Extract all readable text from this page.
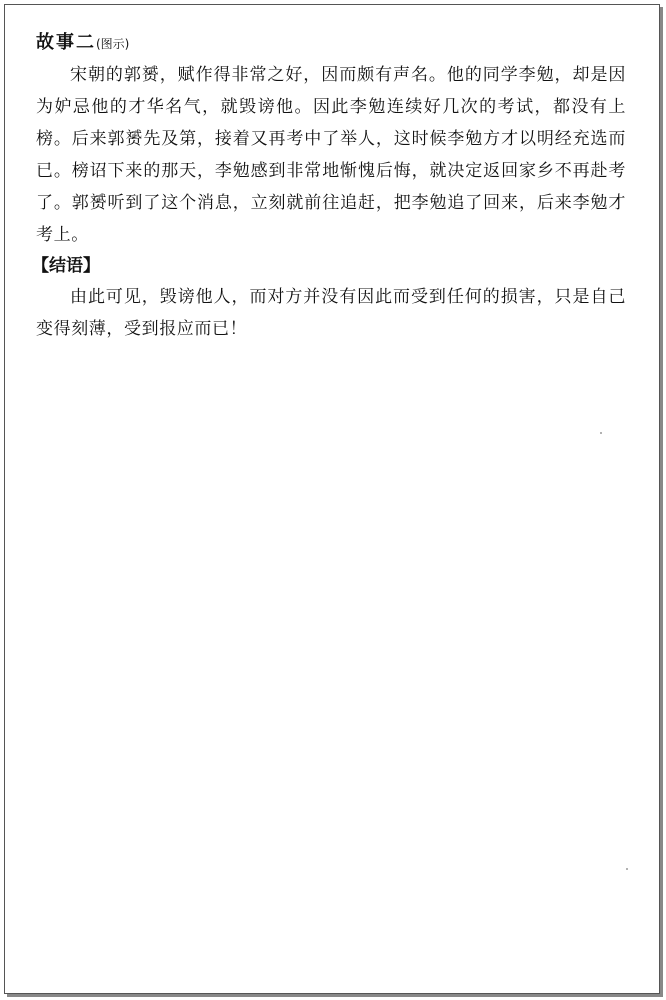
故事二(图示)

宋朝的郭赟，赋作得非常之好，因而颇有声名。他的同学李勉，却是因为妒忌他的才华名气，就毁谤他。因此李勉连续好几次的考试，都没有上榜。后来郭赟先及第，接着又再考中了举人，这时候李勉方才以明经充选而已。榜诏下来的那天，李勉感到非常地惭愧后悔，就决定返回家乡不再赴考了。郭赟听到了这个消息，立刻就前往追赶，把李勉追了回来，后来李勉才考上。

【结语】

由此可见，毁谤他人，而对方并没有因此而受到任何的损害，只是自己变得刻薄，受到报应而已！
